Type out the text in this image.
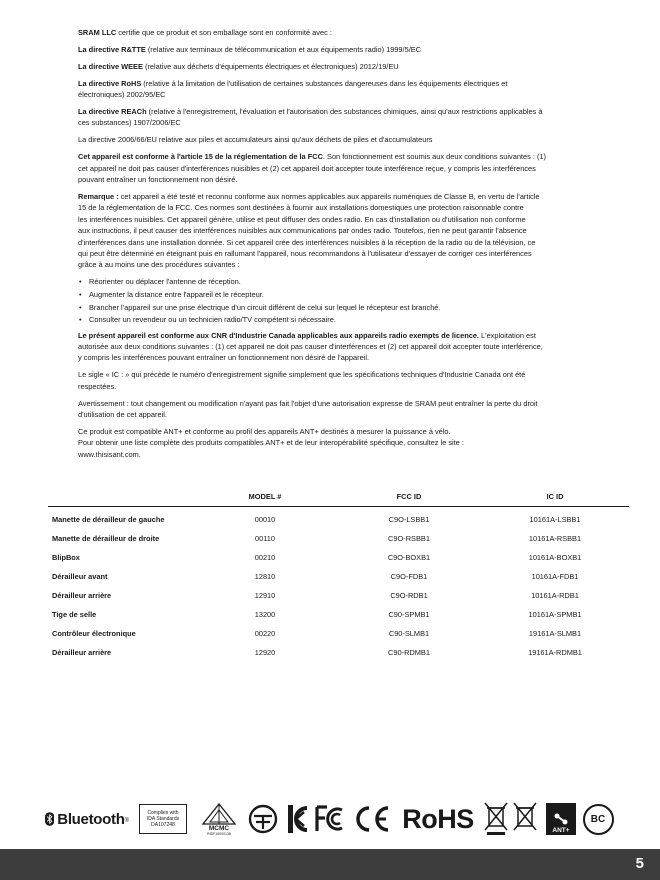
SRAM LLC certifie que ce produit et son emballage sont en conformité avec :
La directive R&TTE (relative aux terminaux de télécommunication et aux équipements radio) 1999/5/EC
La directive WEEE (relative aux déchets d'équipements électriques et électroniques) 2012/19/EU
La directive RoHS (relative à la limitation de l'utilisation de certaines substances dangereuses dans les équipements électriques et
électroniques) 2002/95/EC
La directive REACh (relative à l'enregistrement, l'évaluation et l'autorisation des substances chimiques, ainsi qu'aux restrictions applicables à
ces substances) 1907/2006/EC
La directive 2006/66/EU relative aux piles et accumulateurs ainsi qu'aux déchets de piles et d'accumulateurs
Cet appareil est conforme à l'article 15 de la réglementation de la FCC. Son fonctionnement est soumis aux deux conditions suivantes : (1)
cet appareil ne doit pas causer d'interférences nuisibles et (2) cet appareil doit accepter toute interférence reçue, y compris les interférences
pouvant entraîner un fonctionnement non désiré.
Remarque : cet appareil a été testé et reconnu conforme aux normes applicables aux appareils numériques de Classe B, en vertu de l'article
15 de la réglementation de la FCC. Ces normes sont destinées à fournir aux installations domestiques une protection raisonnable contre
les interférences nuisibles. Cet appareil génère, utilise et peut diffuser des ondes radio. En cas d'installation ou d'utilisation non conforme
aux instructions, il peut causer des interférences nuisibles aux communications par ondes radio. Toutefois, rien ne peut garantir l'absence
d'interférences dans une installation donnée. Si cet appareil crée des interférences nuisibles à la réception de la radio ou de la télévision, ce
qui peut être déterminé en éteignant puis en rallumant l'appareil, nous recommandons à l'utilisateur d'essayer de corriger ces interférences
grâce à au moins une des procédures suivantes :
• Réorienter ou déplacer l'antenne de réception.
• Augmenter la distance entre l'appareil et le récepteur.
• Brancher l'appareil sur une prise électrique d'un circuit différent de celui sur lequel le récepteur est branché.
• Consulter un revendeur ou un technicien radio/TV compétent si nécessaire.
Le présent appareil est conforme aux CNR d'Industrie Canada applicables aux appareils radio exempts de licence. L'exploitation est
autorisée aux deux conditions suivantes : (1) cet appareil ne doit pas causer d'interférences et (2) cet appareil doit accepter toute interférence,
y compris les interférences pouvant entraîner un fonctionnement non désiré de l'appareil.
Le sigle « IC : » qui précède le numéro d'enregistrement signifie simplement que les spécifications techniques d'Industrie Canada ont été
respectées.
Avertissement : tout changement ou modification n'ayant pas fait l'objet d'une autorisation expresse de SRAM peut entraîner la perte du droit
d'utilisation de cet appareil.
Ce produit est compatible ANT+ et conforme au profil des appareils ANT+ destinés à mesurer la puissance à vélo.
Pour obtenir une liste complète des produits compatibles ANT+ et de leur interopérabilité spécifique, consultez le site :
www.thisisant.com.
	MODEL #	FCC ID	IC ID
Manette de dérailleur de gauche	00010	C9O-LSBB1	10161A-LSBB1
Manette de dérailleur de droite	00110	C9O-RSBB1	10161A-RSBB1
BlipBox	00210	C9O-BOXB1	10161A-BOXB1
Dérailleur avant	12810	C9O-FDB1	10161A-FDB1
Dérailleur arrière	12910	C9O-RDB1	10161A-RDB1
Tige de selle	13200	C90-SPMB1	10161A-SPMB1
Contrôleur électronique	00220	C90-SLMB1	19161A-SLMB1
Dérailleur arrière	12920	C90-RDMB1	19161A-RDMB1
Bluetooth ®
Complies with
IDA Standards
DA107248	MCMC
RIDF16000138	RoHS	ANT+
BC
5
